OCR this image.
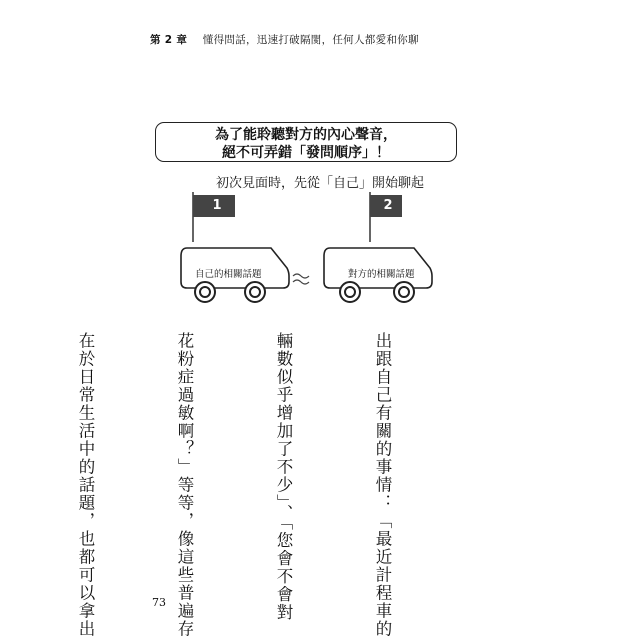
第 2 章 懂得問話，迅速打破隔閡，任何人都愛和你聊
為了能聆聽對方的內心聲音，
絕不可弄錯「發問順序」！
初次見面時，先從「自己」開始聊起
1
自己的相關話題
2
對方的相關話題

出跟自己有關的事情：「最近計程車的

輛數似乎增加了不少」、「您會不會對

花粉症過敏啊？」等等，像這些普遍存

在於日常生活中的話題，也都可以拿出

	73
